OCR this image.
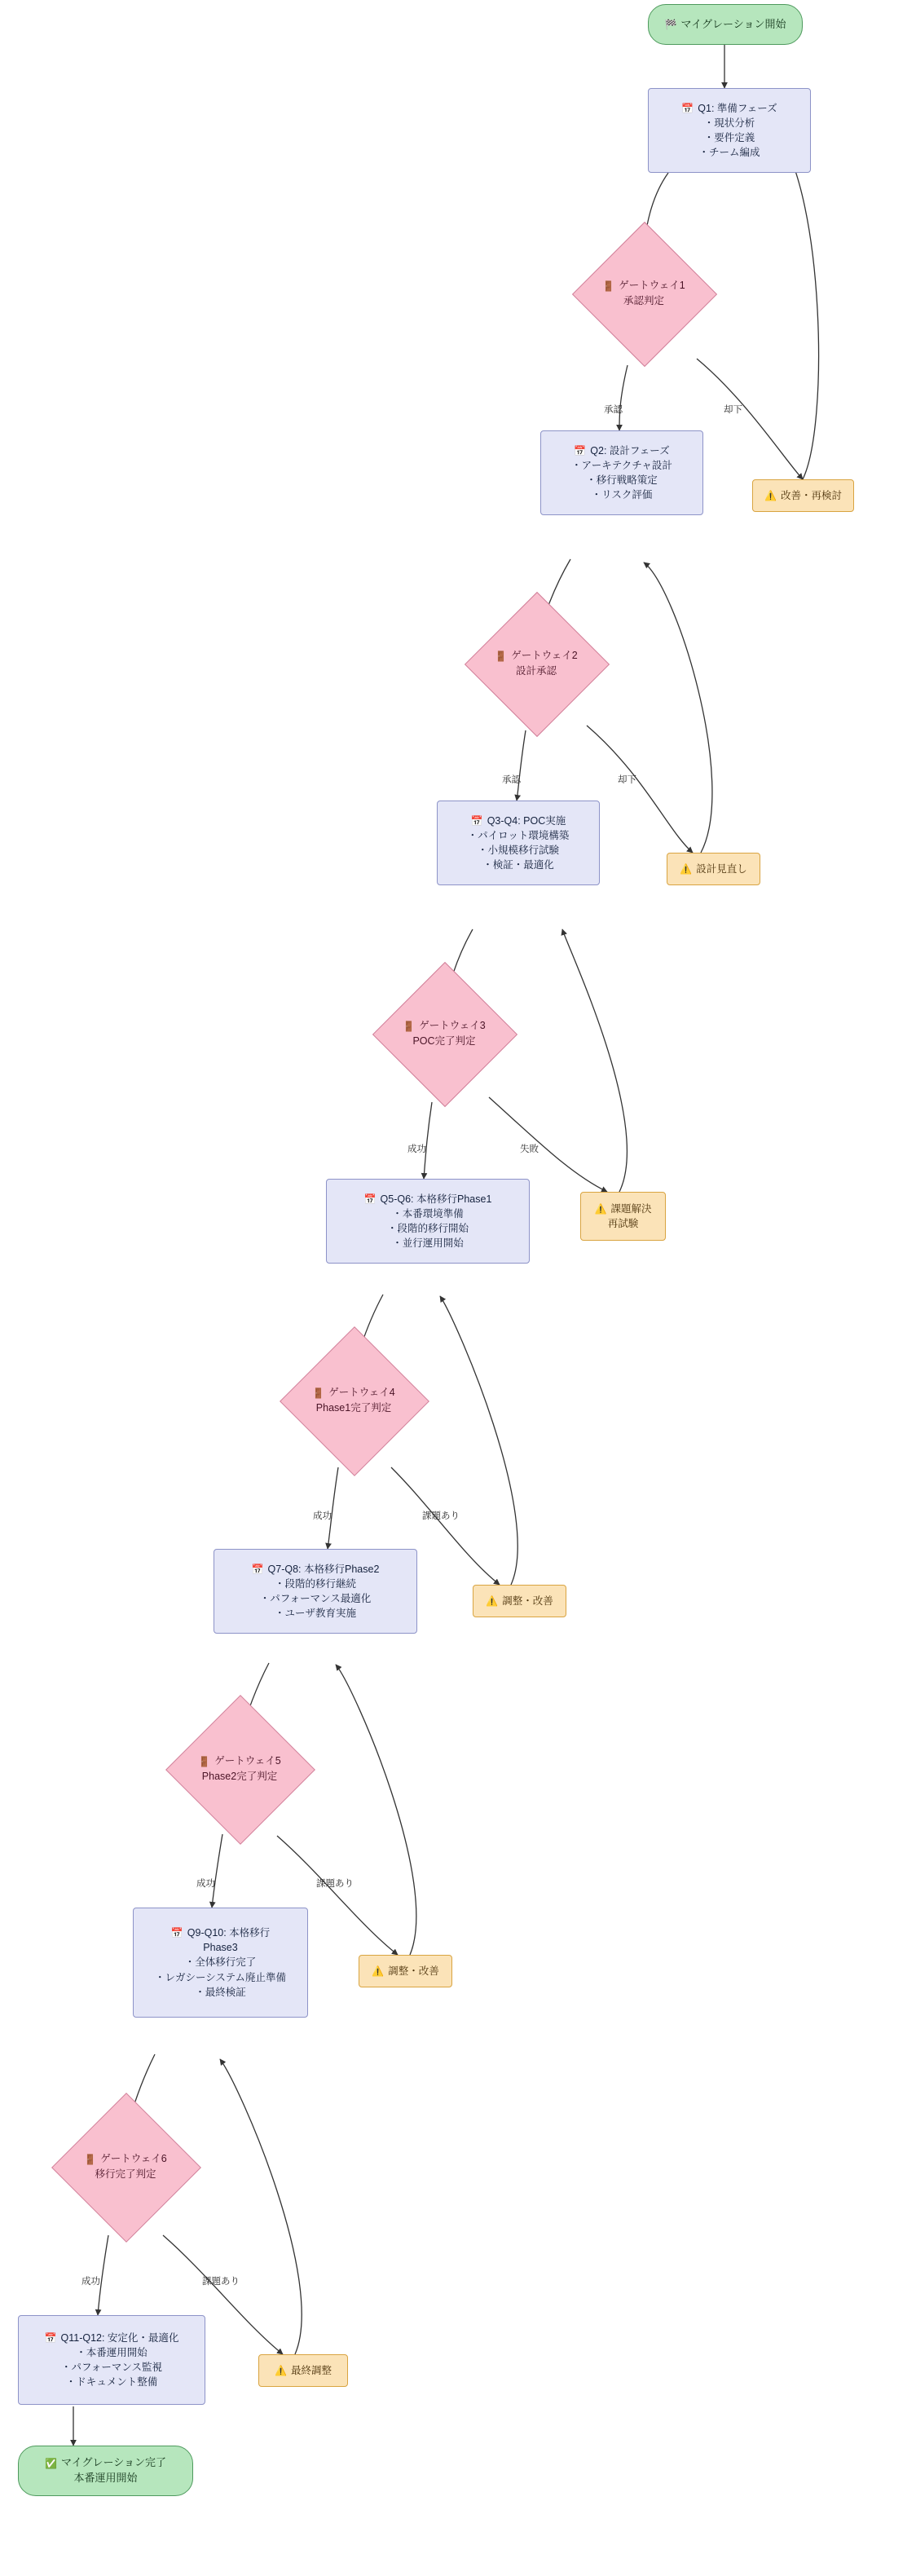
🏁 マイグレーション開始
📅 Q1: 準備フェーズ
・現状分析
・要件定義
・チーム編成
🚪 ゲートウェイ1
承認判定
⚠️ 改善・再検討
📅 Q2: 設計フェーズ
・アーキテクチャ設計
・移行戦略策定
・リスク評価
🚪 ゲートウェイ2
設計承認
⚠️ 設計見直し
📅 Q3-Q4: POC実施
・パイロット環境構築
・小規模移行試験
・検証・最適化
🚪 ゲートウェイ3
POC完了判定
⚠️ 課題解決
再試験
📅 Q5-Q6: 本格移行Phase1
・本番環境準備
・段階的移行開始
・並行運用開始
🚪 ゲートウェイ4
Phase1完了判定
⚠️ 調整・改善
📅 Q7-Q8: 本格移行Phase2
・段階的移行継続
・パフォーマンス最適化
・ユーザ教育実施
🚪 ゲートウェイ5
Phase2完了判定
⚠️ 調整・改善
📅 Q9-Q10: 本格移行
Phase3
・全体移行完了
・レガシーシステム廃止準備
・最終検証
🚪 ゲートウェイ6
移行完了判定
⚠️ 最終調整
📅 Q11-Q12: 安定化・最適化
・本番運用開始
・パフォーマンス監視
・ドキュメント整備
✅ マイグレーション完了
本番運用開始
承認	却下
承認	却下
成功	失敗
成功	課題あり
成功	課題あり
成功	課題あり
